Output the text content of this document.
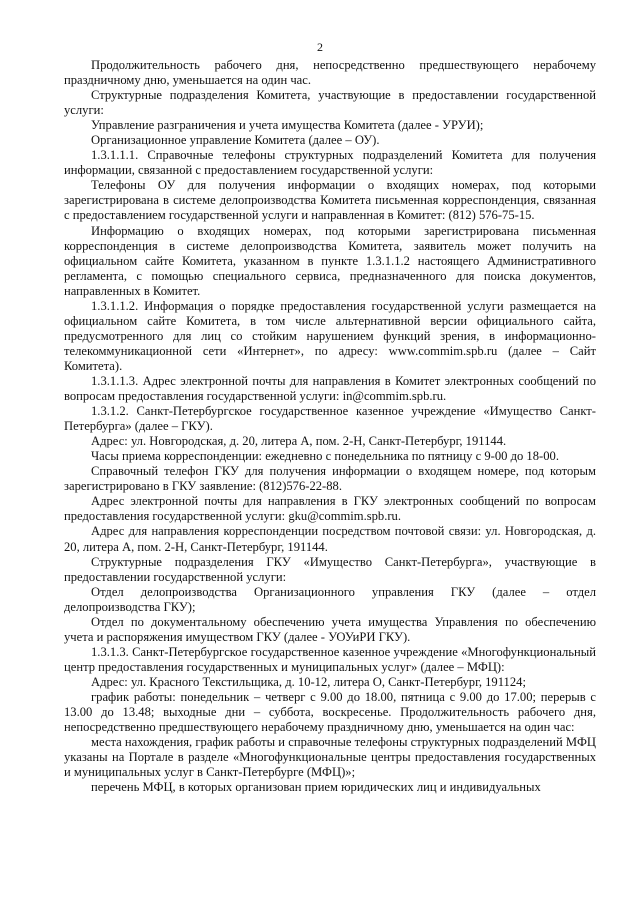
2

Продолжительность рабочего дня, непосредственно предшествующего нерабочему праздничному дню, уменьшается на один час.

Структурные подразделения Комитета, участвующие в предоставлении государственной услуги:

Управление разграничения и учета имущества Комитета (далее - УРУИ);

Организационное управление Комитета (далее – ОУ).

1.3.1.1.1. Справочные телефоны структурных подразделений Комитета для получения информации, связанной с предоставлением государственной услуги:

Телефоны ОУ для получения информации о входящих номерах, под которыми зарегистрирована в системе делопроизводства Комитета письменная корреспонденция, связанная с предоставлением государственной услуги и направленная в Комитет: (812) 576-75-15.

Информацию о входящих номерах, под которыми зарегистрирована письменная корреспонденция в системе делопроизводства Комитета, заявитель может получить на официальном сайте Комитета, указанном в пункте 1.3.1.1.2 настоящего Административного регламента, с помощью специального сервиса, предназначенного для поиска документов, направленных в Комитет.

1.3.1.1.2. Информация о порядке предоставления государственной услуги размещается на официальном сайте Комитета, в том числе альтернативной версии официального сайта, предусмотренного для лиц со стойким нарушением функций зрения, в информационно-телекоммуникационной сети «Интернет», по адресу: www.commim.spb.ru (далее – Сайт Комитета).

1.3.1.1.3. Адрес электронной почты для направления в Комитет электронных сообщений по вопросам предоставления государственной услуги: in@commim.spb.ru.

1.3.1.2. Санкт-Петербургское государственное казенное учреждение «Имущество Санкт-Петербурга» (далее – ГКУ).

Адрес: ул. Новгородская, д. 20, литера А, пом. 2-Н, Санкт-Петербург, 191144.

Часы приема корреспонденции: ежедневно с понедельника по пятницу с 9-00 до 18-00.

Справочный телефон ГКУ для получения информации о входящем номере, под которым зарегистрировано в ГКУ заявление: (812)576-22-88.

Адрес электронной почты для направления в ГКУ электронных сообщений по вопросам предоставления государственной услуги: gku@commim.spb.ru.

Адрес для направления корреспонденции посредством почтовой связи: ул. Новгородская, д. 20, литера А, пом. 2-Н, Санкт-Петербург, 191144.

Структурные подразделения ГКУ «Имущество Санкт-Петербурга», участвующие в предоставлении государственной услуги:

Отдел делопроизводства Организационного управления ГКУ (далее – отдел делопроизводства ГКУ);

Отдел по документальному обеспечению учета имущества Управления по обеспечению учета и распоряжения имуществом ГКУ (далее - УОУиРИ ГКУ).

1.3.1.3. Санкт-Петербургское государственное казенное учреждение «Многофункциональный центр предоставления государственных и муниципальных услуг» (далее – МФЦ):

Адрес: ул. Красного Текстильщика, д. 10-12, литера О, Санкт-Петербург, 191124;

график работы: понедельник – четверг с 9.00 до 18.00, пятница с 9.00 до 17.00; перерыв с 13.00 до 13.48; выходные дни – суббота, воскресенье. Продолжительность рабочего дня, непосредственно предшествующего нерабочему праздничному дню, уменьшается на один час:

места нахождения, график работы и справочные телефоны структурных подразделений МФЦ указаны на Портале в разделе «Многофункциональные центры предоставления государственных и муниципальных услуг в Санкт-Петербурге (МФЦ)»;

перечень МФЦ, в которых организован прием юридических лиц и индивидуальных
